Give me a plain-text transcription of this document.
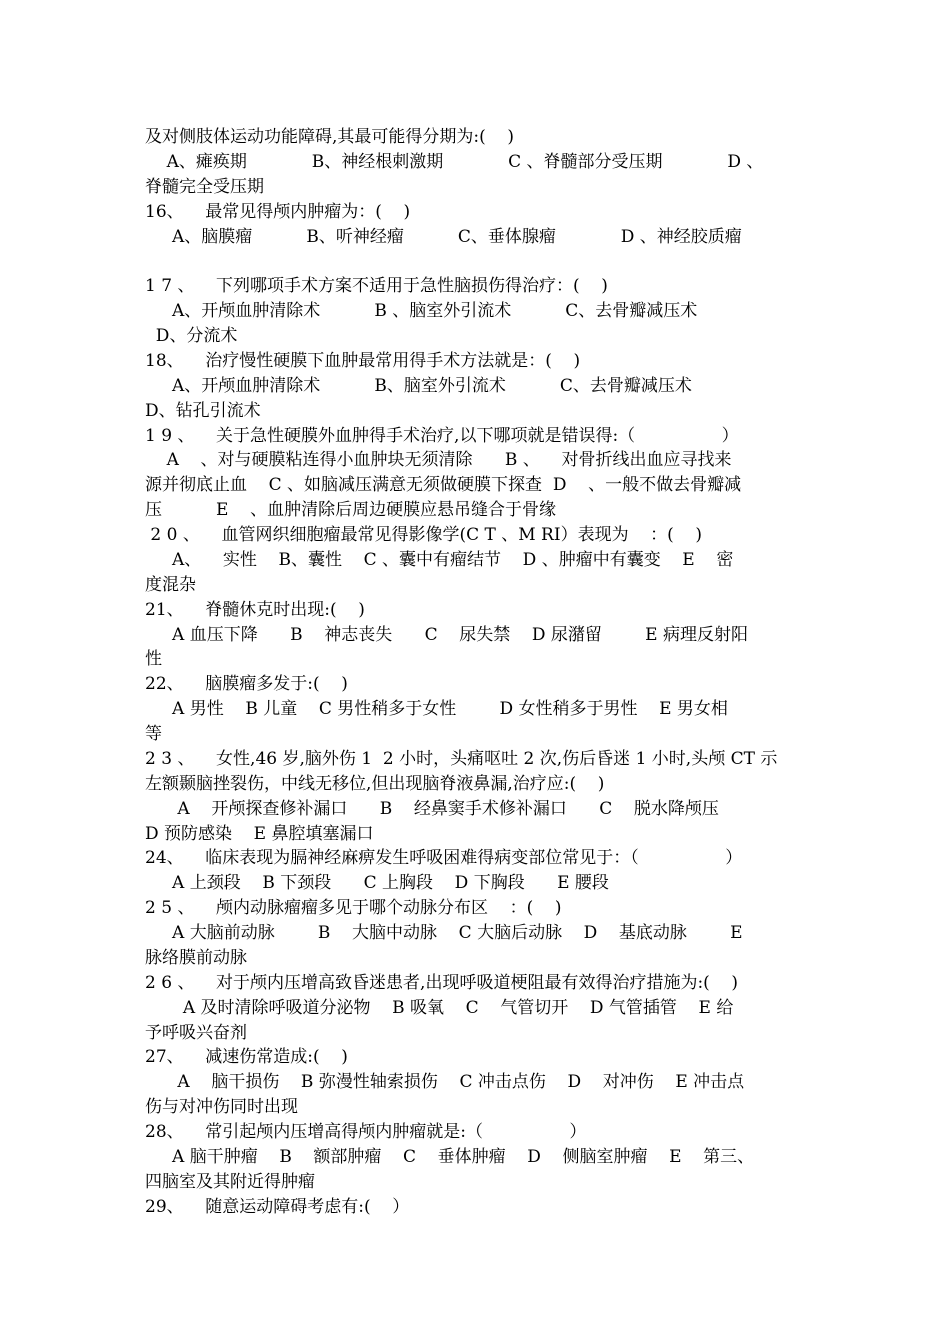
及对侧肢体运动功能障碍,其最可能得分期为:(    )
A、瘫痪期            B、神经根刺激期            C 、脊髓部分受压期            D 、
脊髓完全受压期
16、    最常见得颅内肿瘤为：(    )
A、脑膜瘤          B、听神经瘤          C、垂体腺瘤            D 、神经胶质瘤
1 7 、    下列哪项手术方案不适用于急性脑损伤得治疗：(    )
A、开颅血肿清除术          B 、脑室外引流术          C、去骨瓣减压术
D、分流术
18、    治疗慢性硬膜下血肿最常用得手术方法就是：(    )
A、开颅血肿清除术          B、脑室外引流术          C、去骨瓣减压术
D、钻孔引流术
1 9 、    关于急性硬膜外血肿得手术治疗,以下哪项就是错误得:（                ）
A    、对与硬膜粘连得小血肿块无须清除      B 、    对骨折线出血应寻找来
源并彻底止血    C 、如脑减压满意无须做硬膜下探查  D    、一般不做去骨瓣减
压          E    、血肿清除后周边硬膜应悬吊缝合于骨缘
2 0 、    血管网织细胞瘤最常见得影像学(C T 、M RI）表现为    ：(    )
A、    实性    B、囊性    C 、囊中有瘤结节    D 、肿瘤中有囊变    E    密
度混杂
21、    脊髓休克时出现:(    )
A 血压下降      B    神志丧失      C    尿失禁    D 尿潴留        E 病理反射阳
性
22、    脑膜瘤多发于:(    )
A 男性    B 儿童    C 男性稍多于女性        D 女性稍多于男性    E 男女相
等
2 3 、    女性,46 岁,脑外伤 1  2 小时，头痛呕吐 2 次,伤后昏迷 1 小时,头颅 CT 示
左额颞脑挫裂伤，中线无移位,但出现脑脊液鼻漏,治疗应:(    )
A    开颅探查修补漏口      B    经鼻窦手术修补漏口      C    脱水降颅压
D 预防感染    E 鼻腔填塞漏口
24、    临床表现为膈神经麻痹发生呼吸困难得病变部位常见于：（                ）
A 上颈段    B 下颈段      C 上胸段    D 下胸段      E 腰段
2 5 、    颅内动脉瘤瘤多见于哪个动脉分布区    ：(    )
A 大脑前动脉        B    大脑中动脉    C 大脑后动脉    D    基底动脉        E
脉络膜前动脉
2 6 、    对于颅内压增高致昏迷患者,出现呼吸道梗阻最有效得治疗措施为:(    )
A 及时清除呼吸道分泌物    B 吸氧    C    气管切开    D 气管插管    E 给
予呼吸兴奋剂
27、    减速伤常造成:(    )
A    脑干损伤    B 弥漫性轴索损伤    C 冲击点伤    D    对冲伤    E 冲击点
伤与对冲伤同时出现
28、    常引起颅内压增高得颅内肿瘤就是:（                ）
A 脑干肿瘤    B    额部肿瘤    C    垂体肿瘤    D    侧脑室肿瘤    E    第三、
四脑室及其附近得肿瘤
29、    随意运动障碍考虑有:(    ）
